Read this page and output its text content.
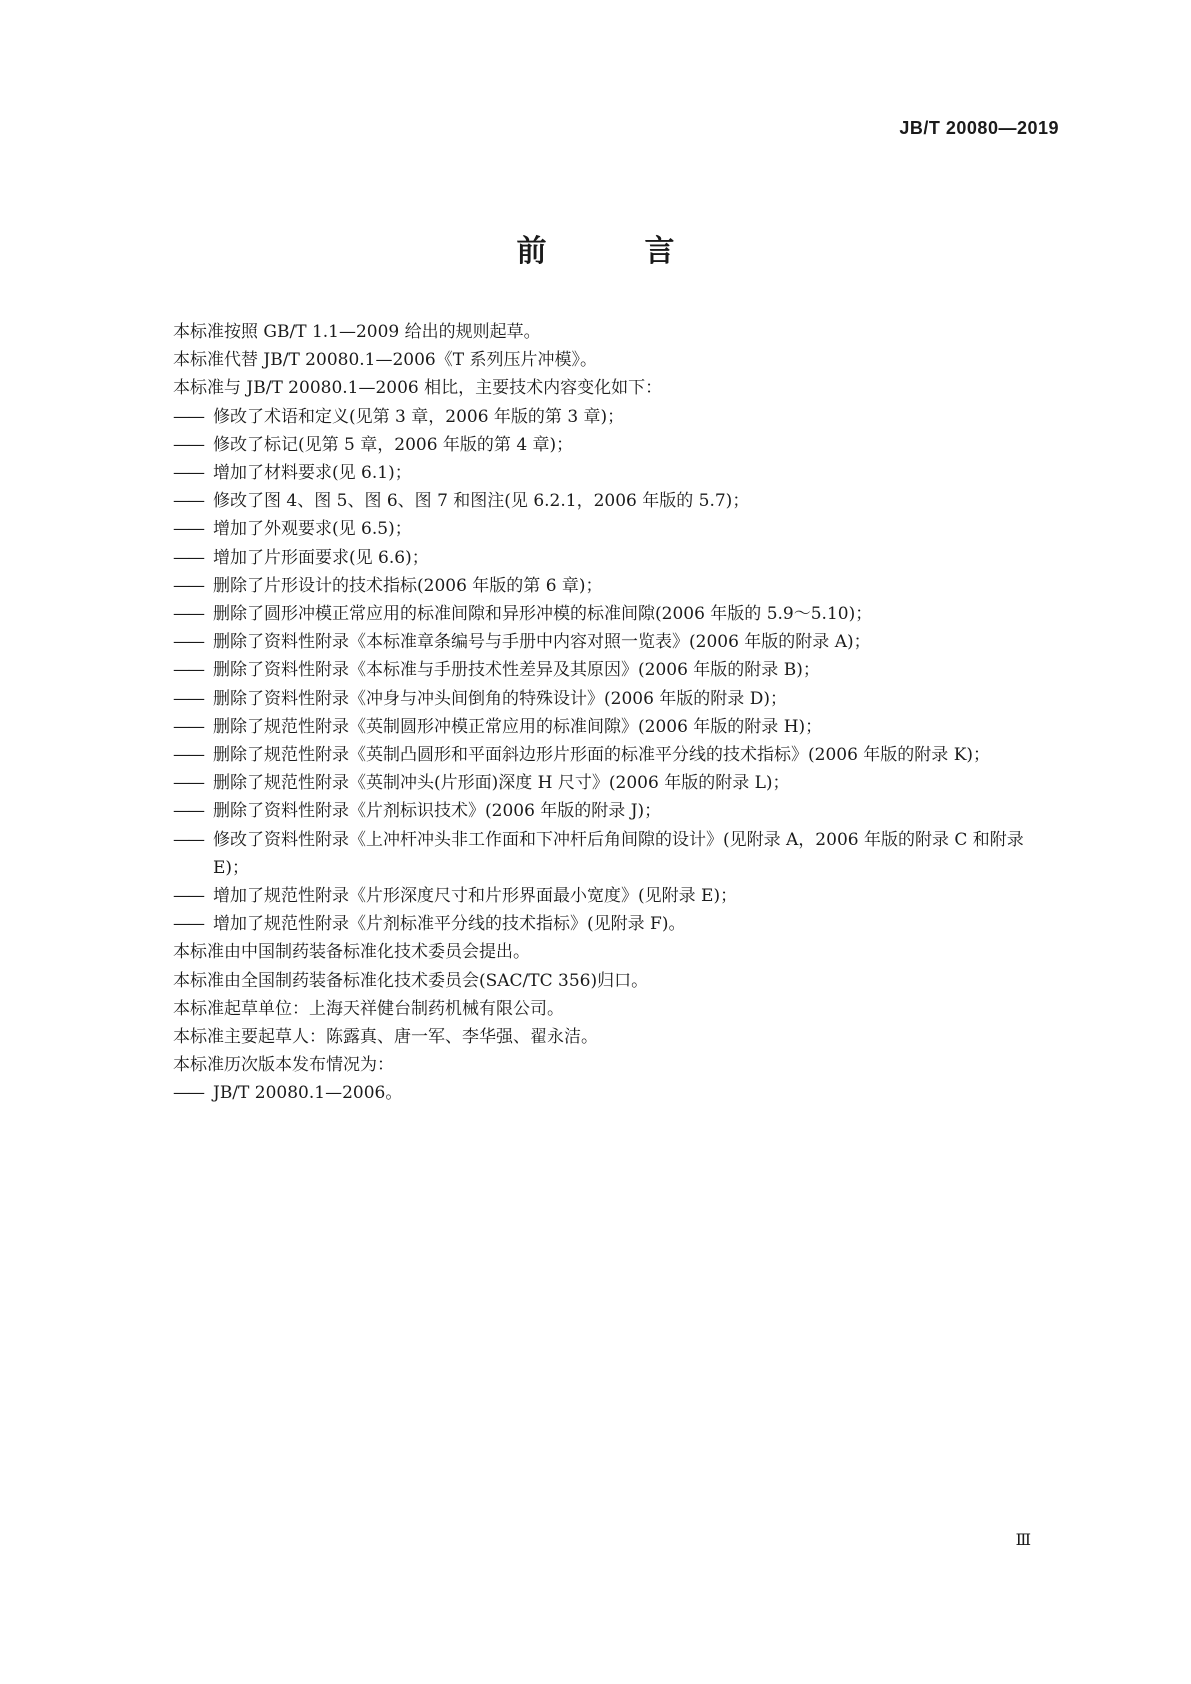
JB/T 20080—2019
前　言
本标准按照 GB/T 1.1—2009 给出的规则起草。
本标准代替 JB/T 20080.1—2006《T 系列压片冲模》。
本标准与 JB/T 20080.1—2006 相比，主要技术内容变化如下：
—— 修改了术语和定义(见第 3 章，2006 年版的第 3 章)；
—— 修改了标记(见第 5 章，2006 年版的第 4 章)；
—— 增加了材料要求(见 6.1)；
—— 修改了图 4、图 5、图 6、图 7 和图注(见 6.2.1，2006 年版的 5.7)；
—— 增加了外观要求(见 6.5)；
—— 增加了片形面要求(见 6.6)；
—— 删除了片形设计的技术指标(2006 年版的第 6 章)；
—— 删除了圆形冲模正常应用的标准间隙和异形冲模的标准间隙(2006 年版的 5.9～5.10)；
—— 删除了资料性附录《本标准章条编号与手册中内容对照一览表》(2006 年版的附录 A)；
—— 删除了资料性附录《本标准与手册技术性差异及其原因》(2006 年版的附录 B)；
—— 删除了资料性附录《冲身与冲头间倒角的特殊设计》(2006 年版的附录 D)；
—— 删除了规范性附录《英制圆形冲模正常应用的标准间隙》(2006 年版的附录 H)；
—— 删除了规范性附录《英制凸圆形和平面斜边形片形面的标准平分线的技术指标》(2006 年版的附录 K)；
—— 删除了规范性附录《英制冲头(片形面)深度 H 尺寸》(2006 年版的附录 L)；
—— 删除了资料性附录《片剂标识技术》(2006 年版的附录 J)；
—— 修改了资料性附录《上冲杆冲头非工作面和下冲杆后角间隙的设计》(见附录 A，2006 年版的附录 C 和附录 E)；
—— 增加了规范性附录《片形深度尺寸和片形界面最小宽度》(见附录 E)；
—— 增加了规范性附录《片剂标准平分线的技术指标》(见附录 F)。
本标准由中国制药装备标准化技术委员会提出。
本标准由全国制药装备标准化技术委员会(SAC/TC 356)归口。
本标准起草单位：上海天祥健台制药机械有限公司。
本标准主要起草人：陈露真、唐一军、李华强、翟永洁。
本标准历次版本发布情况为：
—— JB/T 20080.1—2006。
Ⅲ
